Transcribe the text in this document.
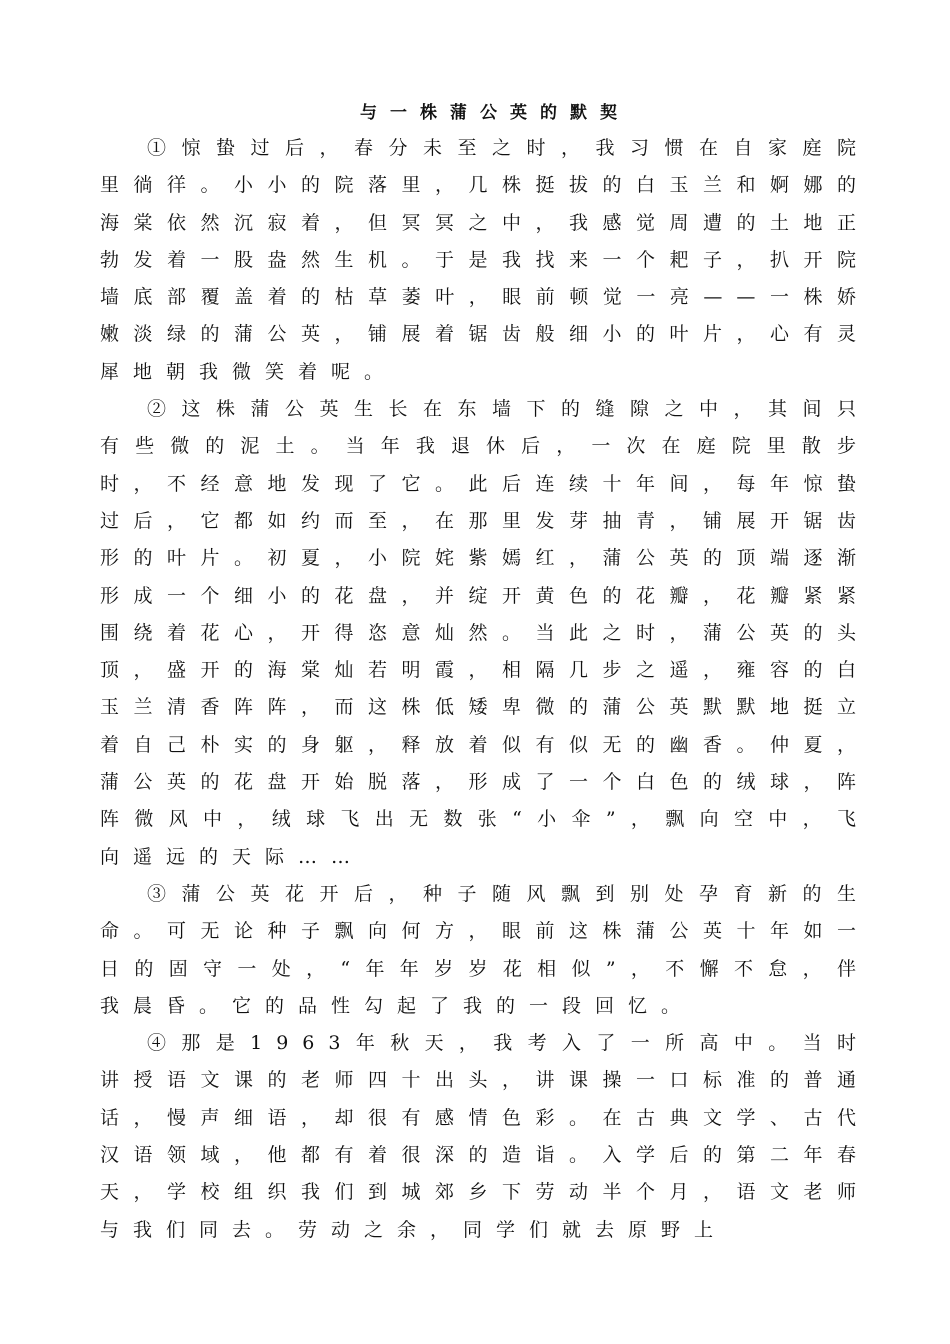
与一株蒲公英的默契

①惊蛰过后，春分未至之时，我习惯在自家庭院里徜徉。小小的院落里，几株挺拔的白玉兰和婀娜的海棠依然沉寂着，但冥冥之中，我感觉周遭的土地正勃发着一股盎然生机。于是我找来一个耙子，扒开院墙底部覆盖着的枯草萎叶，眼前顿觉一亮——一株娇嫩淡绿的蒲公英，铺展着锯齿般细小的叶片，心有灵犀地朝我微笑着呢。

②这株蒲公英生长在东墙下的缝隙之中，其间只有些微的泥土。当年我退休后，一次在庭院里散步时，不经意地发现了它。此后连续十年间，每年惊蛰过后，它都如约而至，在那里发芽抽青，铺展开锯齿形的叶片。初夏，小院姹紫嫣红，蒲公英的顶端逐渐形成一个细小的花盘，并绽开黄色的花瓣，花瓣紧紧围绕着花心，开得恣意灿然。当此之时，蒲公英的头顶，盛开的海棠灿若明霞，相隔几步之遥，雍容的白玉兰清香阵阵，而这株低矮卑微的蒲公英默默地挺立着自己朴实的身躯，释放着似有似无的幽香。仲夏，蒲公英的花盘开始脱落，形成了一个白色的绒球，阵阵微风中，绒球飞出无数张“小伞”，飘向空中，飞向遥远的天际……

③蒲公英花开后，种子随风飘到别处孕育新的生命。可无论种子飘向何方，眼前这株蒲公英十年如一日的固守一处，“年年岁岁花相似”，不懈不怠，伴我晨昏。它的品性勾起了我的一段回忆。

④那是1963年秋天，我考入了一所高中。当时讲授语文课的老师四十出头，讲课操一口标准的普通话，慢声细语，却很有感情色彩。在古典文学、古代汉语领域，他都有着很深的造诣。入学后的第二年春天，学校组织我们到城郊乡下劳动半个月，语文老师与我们同去。劳动之余，同学们就去原野上
